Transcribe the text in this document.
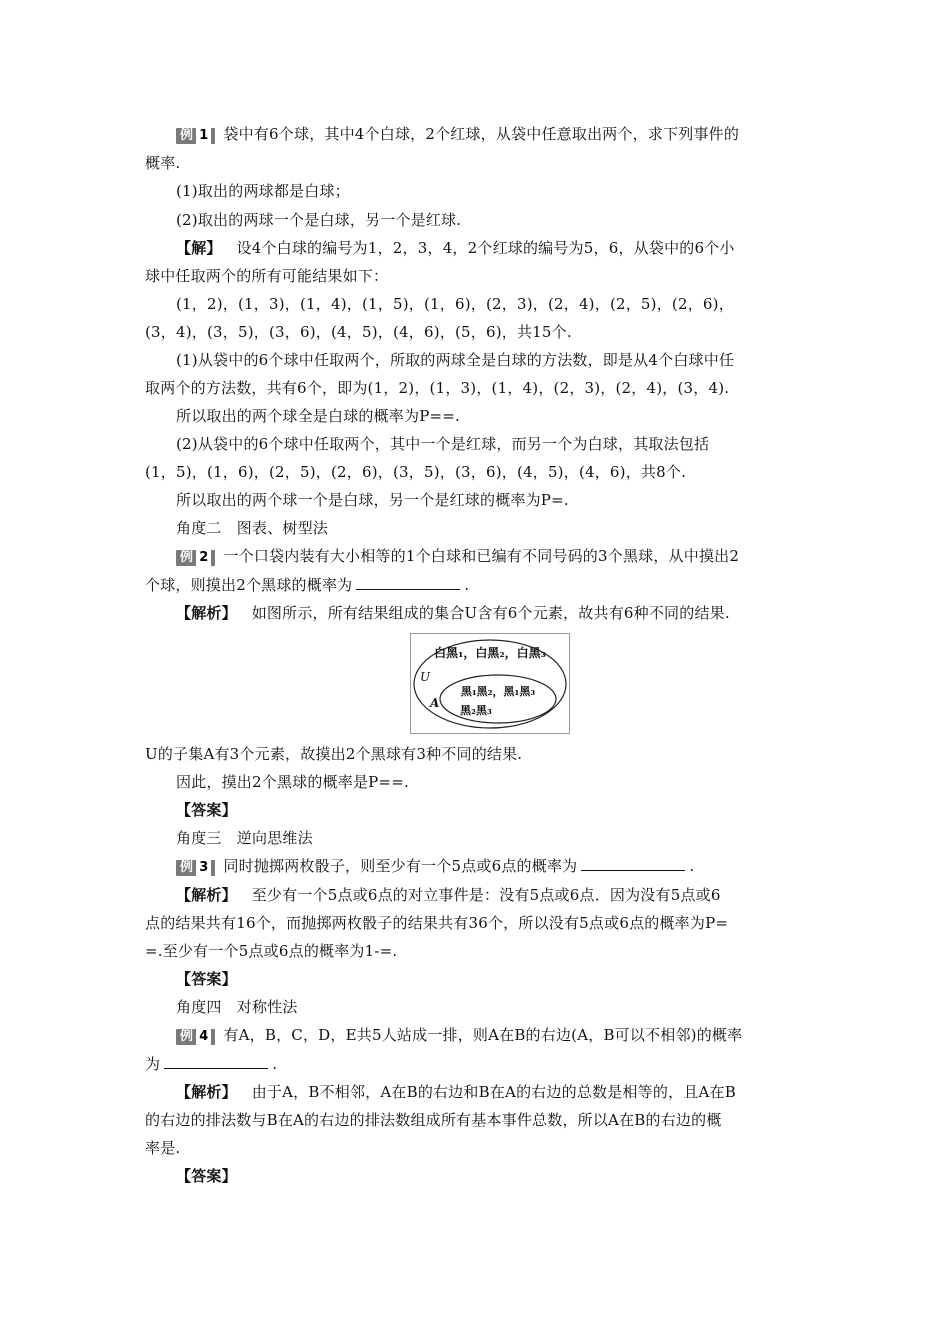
例 1 袋中有6个球，其中4个白球，2个红球，从袋中任意取出两个，求下列事件的
概率.
(1)取出的两球都是白球；
(2)取出的两球一个是白球，另一个是红球.
【解】 设4个白球的编号为1，2，3，4，2个红球的编号为5，6，从袋中的6个小
球中任取两个的所有可能结果如下：
(1，2)，(1，3)，(1，4)，(1，5)，(1，6)，(2，3)，(2，4)，(2，5)，(2，6)，
(3，4)，(3，5)，(3，6)，(4，5)，(4，6)，(5，6)，共15个.
(1)从袋中的6个球中任取两个，所取的两球全是白球的方法数，即是从4个白球中任
取两个的方法数，共有6个，即为(1，2)，(1，3)，(1，4)，(2，3)，(2，4)，(3，4).
所以取出的两个球全是白球的概率为P==.
(2)从袋中的6个球中任取两个，其中一个是红球，而另一个为白球，其取法包括
(1，5)，(1，6)，(2，5)，(2，6)，(3，5)，(3，6)，(4，5)，(4，6)，共8个.
所以取出的两个球一个是白球，另一个是红球的概率为P=.
角度二　图表、树型法
例 2 一个口袋内装有大小相等的1个白球和已编有不同号码的3个黑球，从中摸出2
个球，则摸出2个黑球的概率为	.
【解析】 如图所示，所有结果组成的集合U含有6个元素，故共有6种不同的结果.
白黑₁，白黑₂，白黑₃
U
A
黑₁黑₂，黑₁黑₃
黑₂黑₃
U的子集A有3个元素，故摸出2个黑球有3种不同的结果.
因此，摸出2个黑球的概率是P==.
【答案】
角度三　逆向思维法
例 3 同时抛掷两枚骰子，则至少有一个5点或6点的概率为	.
【解析】 至少有一个5点或6点的对立事件是：没有5点或6点．因为没有5点或6
点的结果共有16个，而抛掷两枚骰子的结果共有36个，所以没有5点或6点的概率为P=
=.至少有一个5点或6点的概率为1-=.
【答案】
角度四　对称性法
例 4 有A，B，C，D，E共5人站成一排，则A在B的右边(A，B可以不相邻)的概率
为	.
【解析】 由于A，B不相邻，A在B的右边和B在A的右边的总数是相等的，且A在B
的右边的排法数与B在A的右边的排法数组成所有基本事件总数，所以A在B的右边的概
率是.
【答案】
